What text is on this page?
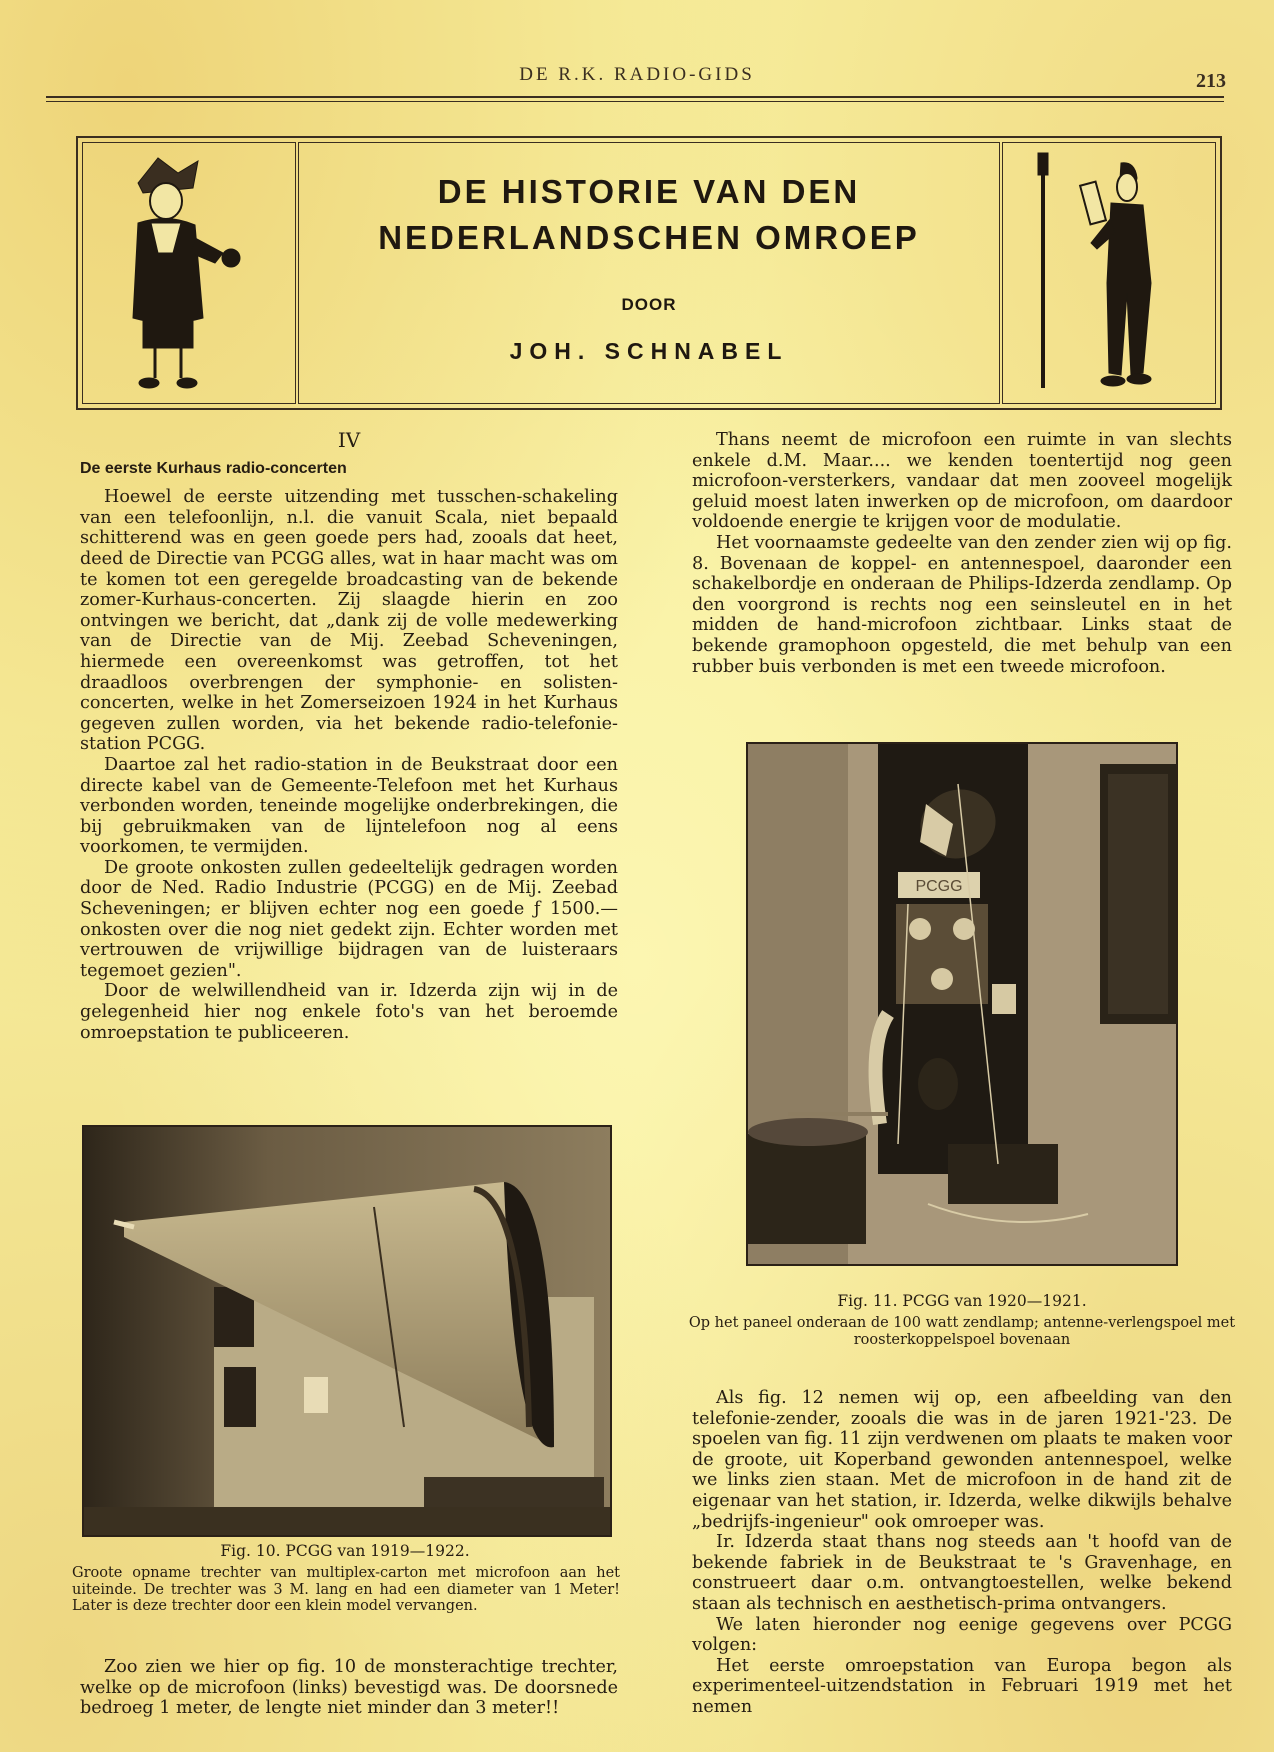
DE R.K. RADIO-GIDS	213
DE HISTORIE VAN DEN
NEDERLANDSCHEN OMROEP
DOOR
JOH. SCHNABEL
IV
De eerste Kurhaus radio-concerten

Hoewel de eerste uitzending met tusschen-schakeling van een telefoonlijn, n.l. die vanuit Scala, niet bepaald schitterend was en geen goede pers had, zooals dat heet, deed de Directie van PCGG alles, wat in haar macht was om te komen tot een geregelde broadcasting van de bekende zomer-Kurhaus-concerten. Zij slaagde hierin en zoo ontvingen we bericht, dat „dank zij de volle medewerking van de Directie van de Mij. Zeebad Scheveningen, hiermede een overeenkomst was getroffen, tot het draadloos overbrengen der symphonie- en solisten-concerten, welke in het Zomerseizoen 1924 in het Kurhaus gegeven zullen worden, via het bekende radio-telefonie-station PCGG.

Daartoe zal het radio-station in de Beukstraat door een directe kabel van de Gemeente-Telefoon met het Kurhaus verbonden worden, teneinde mogelijke onderbrekingen, die bij gebruikmaken van de lijntelefoon nog al eens voorkomen, te vermijden.

De groote onkosten zullen gedeeltelijk gedragen worden door de Ned. Radio Industrie (PCGG) en de Mij. Zeebad Scheveningen; er blijven echter nog een goede ƒ 1500.— onkosten over die nog niet gedekt zijn. Echter worden met vertrouwen de vrijwillige bijdragen van de luisteraars tegemoet gezien".

Door de welwillendheid van ir. Idzerda zijn wij in de gelegenheid hier nog enkele foto's van het beroemde omroepstation te publiceeren.

Fig. 10. PCGG van 1919—1922.
Groote opname trechter van multiplex-carton met microfoon aan het uiteinde. De trechter was 3 M. lang en had een diameter van 1 Meter! Later is deze trechter door een klein model vervangen.

Zoo zien we hier op fig. 10 de monsterachtige trechter, welke op de microfoon (links) bevestigd was. De doorsnede bedroeg 1 meter, de lengte niet minder dan 3 meter!!

Thans neemt de microfoon een ruimte in van slechts enkele d.M. Maar.... we kenden toentertijd nog geen microfoon-versterkers, vandaar dat men zooveel mogelijk geluid moest laten inwerken op de microfoon, om daardoor voldoende energie te krijgen voor de modulatie.

Het voornaamste gedeelte van den zender zien wij op fig. 8. Bovenaan de koppel- en antennespoel, daaronder een schakelbordje en onderaan de Philips-Idzerda zendlamp. Op den voorgrond is rechts nog een seinsleutel en in het midden de hand-microfoon zichtbaar. Links staat de bekende gramophoon opgesteld, die met behulp van een rubber buis verbonden is met een tweede microfoon.

PCGG
Fig. 11. PCGG van 1920—1921.
Op het paneel onderaan de 100 watt zendlamp; antenne-verlengspoel met roosterkoppelspoel bovenaan

Als fig. 12 nemen wij op, een afbeelding van den telefonie-zender, zooals die was in de jaren 1921-'23. De spoelen van fig. 11 zijn verdwenen om plaats te maken voor de groote, uit Koperband gewonden antennespoel, welke we links zien staan. Met de microfoon in de hand zit de eigenaar van het station, ir. Idzerda, welke dikwijls behalve „bedrijfs-ingenieur" ook omroeper was.

Ir. Idzerda staat thans nog steeds aan 't hoofd van de bekende fabriek in de Beukstraat te 's Gravenhage, en construeert daar o.m. ontvangtoestellen, welke bekend staan als technisch en aesthetisch-prima ontvangers.

We laten hieronder nog eenige gegevens over PCGG volgen:

Het eerste omroepstation van Europa begon als experimenteel-uitzendstation in Februari 1919 met het nemen
